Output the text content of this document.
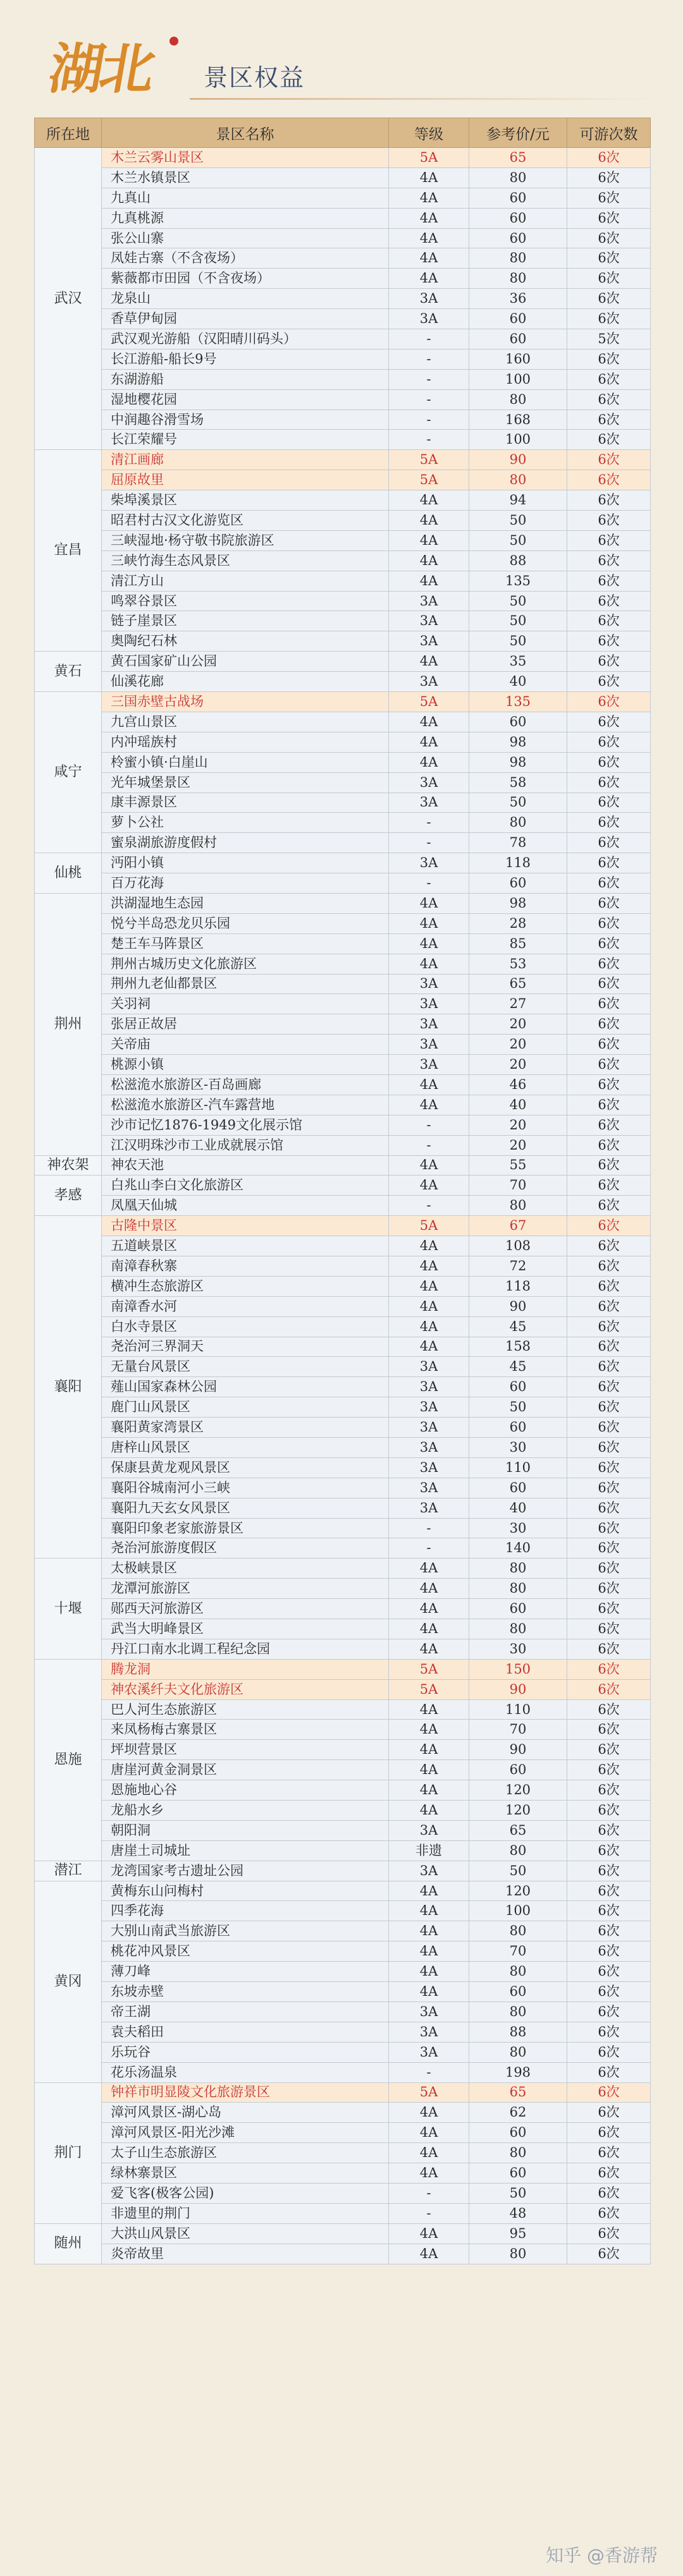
湖北 景区权益
所在地	景区名称	等级	参考价/元	可游次数
武汉	木兰云雾山景区	5A	65	6次
	木兰水镇景区	4A	80	6次
	九真山	4A	60	6次
	九真桃源	4A	60	6次
	张公山寨	4A	60	6次
	凤娃古寨（不含夜场）	4A	80	6次
	紫薇都市田园（不含夜场）	4A	80	6次
	龙泉山	3A	36	6次
	香草伊甸园	3A	60	6次
	武汉观光游船（汉阳晴川码头）	-	60	5次
	长江游船-船长9号	-	160	6次
	东湖游船	-	100	6次
	湿地樱花园	-	80	6次
	中润趣谷滑雪场	-	168	6次
	长江荣耀号	-	100	6次
宜昌	清江画廊	5A	90	6次
	屈原故里	5A	80	6次
	柴埠溪景区	4A	94	6次
	昭君村古汉文化游览区	4A	50	6次
	三峡湿地·杨守敬书院旅游区	4A	50	6次
	三峡竹海生态风景区	4A	88	6次
	清江方山	4A	135	6次
	鸣翠谷景区	3A	50	6次
	链子崖景区	3A	50	6次
	奥陶纪石林	3A	50	6次
黄石	黄石国家矿山公园	4A	35	6次
	仙溪花廊	3A	40	6次
咸宁	三国赤壁古战场	5A	135	6次
	九宫山景区	4A	60	6次
	内冲瑶族村	4A	98	6次
	柃蜜小镇·白崖山	4A	98	6次
	光年城堡景区	3A	58	6次
	康丰源景区	3A	50	6次
	萝卜公社	-	80	6次
	蜜泉湖旅游度假村	-	78	6次
仙桃	沔阳小镇	3A	118	6次
	百万花海	-	60	6次
荆州	洪湖湿地生态园	4A	98	6次
	悦兮半岛恐龙贝乐园	4A	28	6次
	楚王车马阵景区	4A	85	6次
	荆州古城历史文化旅游区	4A	53	6次
	荆州九老仙都景区	3A	65	6次
	关羽祠	3A	27	6次
	张居正故居	3A	20	6次
	关帝庙	3A	20	6次
	桃源小镇	3A	20	6次
	松滋洈水旅游区-百岛画廊	4A	46	6次
	松滋洈水旅游区-汽车露营地	4A	40	6次
	沙市记忆1876-1949文化展示馆	-	20	6次
	江汉明珠沙市工业成就展示馆	-	20	6次
神农架	神农天池	4A	55	6次
孝感	白兆山李白文化旅游区	4A	70	6次
	凤凰天仙城	-	80	6次
襄阳	古隆中景区	5A	67	6次
	五道峡景区	4A	108	6次
	南漳春秋寨	4A	72	6次
	横冲生态旅游区	4A	118	6次
	南漳香水河	4A	90	6次
	白水寺景区	4A	45	6次
	尧治河三界洞天	4A	158	6次
	无量台风景区	3A	45	6次
	薤山国家森林公园	3A	60	6次
	鹿门山风景区	3A	50	6次
	襄阳黄家湾景区	3A	60	6次
	唐梓山风景区	3A	30	6次
	保康县黄龙观风景区	3A	110	6次
	襄阳谷城南河小三峡	3A	60	6次
	襄阳九天玄女风景区	3A	40	6次
	襄阳印象老家旅游景区	-	30	6次
	尧治河旅游度假区	-	140	6次
十堰	太极峡景区	4A	80	6次
	龙潭河旅游区	4A	80	6次
	郧西天河旅游区	4A	60	6次
	武当大明峰景区	4A	80	6次
	丹江口南水北调工程纪念园	4A	30	6次
恩施	腾龙洞	5A	150	6次
	神农溪纤夫文化旅游区	5A	90	6次
	巴人河生态旅游区	4A	110	6次
	来凤杨梅古寨景区	4A	70	6次
	坪坝营景区	4A	90	6次
	唐崖河黄金洞景区	4A	60	6次
	恩施地心谷	4A	120	6次
	龙船水乡	4A	120	6次
	朝阳洞	3A	65	6次
	唐崖土司城址	非遗	80	6次
潜江	龙湾国家考古遗址公园	3A	50	6次
黄冈	黄梅东山问梅村	4A	120	6次
	四季花海	4A	100	6次
	大别山南武当旅游区	4A	80	6次
	桃花冲风景区	4A	70	6次
	薄刀峰	4A	80	6次
	东坡赤壁	4A	60	6次
	帝王湖	3A	80	6次
	袁夫稻田	3A	88	6次
	乐玩谷	3A	80	6次
	花乐汤温泉	-	198	6次
荆门	钟祥市明显陵文化旅游景区	5A	65	6次
	漳河风景区-湖心岛	4A	62	6次
	漳河风景区-阳光沙滩	4A	60	6次
	太子山生态旅游区	4A	80	6次
	绿林寨景区	4A	60	6次
	爱飞客(极客公园)	-	50	6次
	非遗里的荆门	-	48	6次
随州	大洪山风景区	4A	95	6次
	炎帝故里	4A	80	6次
知乎 @香游帮
